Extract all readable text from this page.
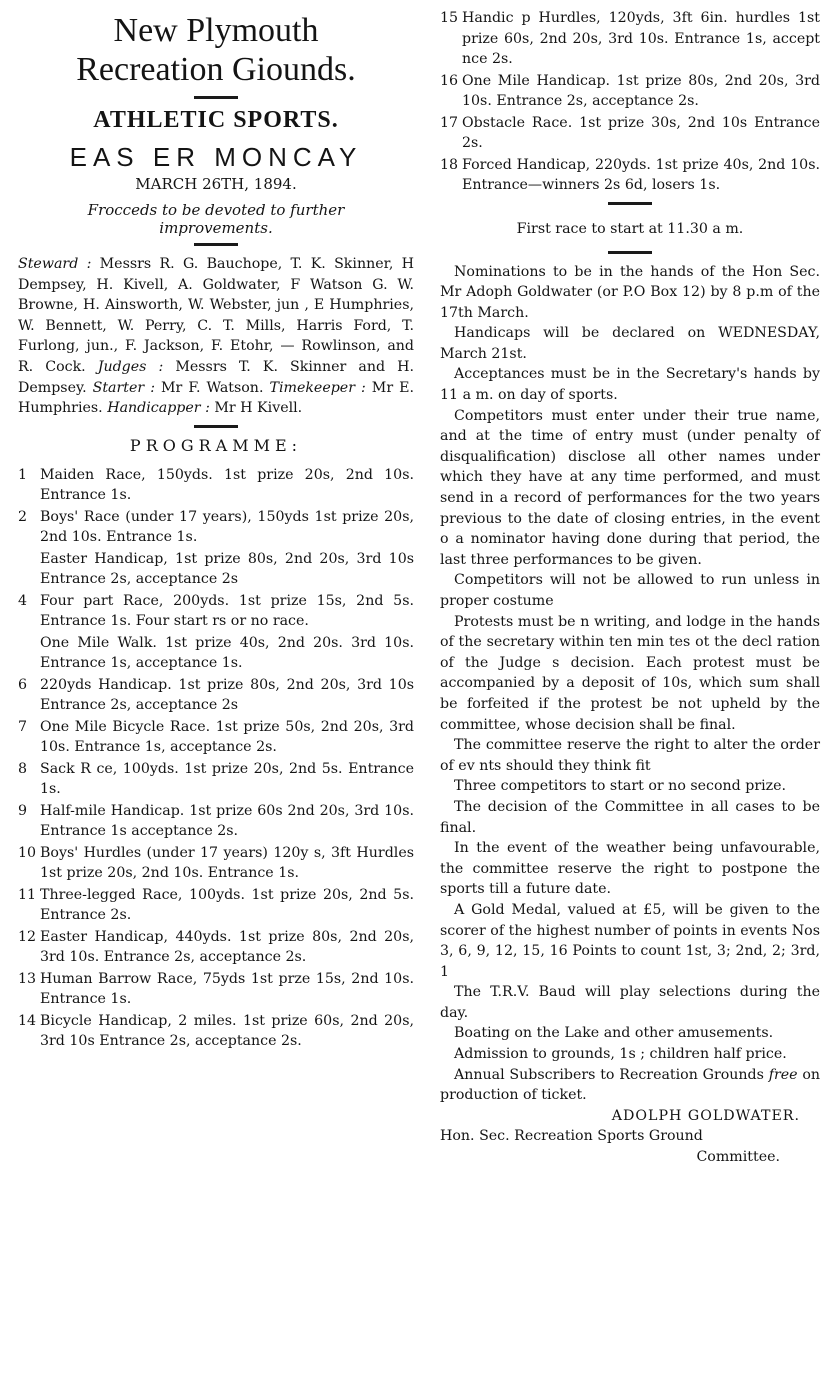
New Plymouth
Recreation Giounds.
ATHLETIC SPORTS.
EAS ER MONCAY
MARCH 26TH, 1894.
Frocceds to be devoted to further improvements.
Steward : Messrs R. G. Bauchope, T. K. Skinner, H Dempsey, H. Kivell, A. Goldwater, F Watson G. W. Browne, H. Ainsworth, W. Webster, jun , E Humphries, W. Bennett, W. Perry, C. T. Mills, Harris Ford, T. Furlong, jun., F. Jackson, F. Etohr, — Rowlinson, and R. Cock. Judges : Messrs T. K. Skinner and H. Dempsey. Starter : Mr F. Watson. Timekeeper : Mr E. Humphries. Handicapper : Mr H Kivell.
PROGRAMME:
1 Maiden Race, 150yds. 1st prize 20s, 2nd 10s. Entrance 1s.
2 Boys' Race (under 17 years), 150yds 1st prize 20s, 2nd 10s. Entrance 1s.
Easter Handicap, 1st prize 80s, 2nd 20s, 3rd 10s Entrance 2s, acceptance 2s
4 Four part Race, 200yds. 1st prize 15s, 2nd 5s. Entrance 1s. Four start rs or no race.
One Mile Walk. 1st prize 40s, 2nd 20s. 3rd 10s. Entrance 1s, acceptance 1s.
6 220yds Handicap. 1st prize 80s, 2nd 20s, 3rd 10s Entrance 2s, acceptance 2s
7 One Mile Bicycle Race. 1st prize 50s, 2nd 20s, 3rd 10s. Entrance 1s, acceptance 2s.
8 Sack R ce, 100yds. 1st prize 20s, 2nd 5s. Entrance 1s.
9 Half-mile Handicap. 1st prize 60s 2nd 20s, 3rd 10s. Entrance 1s acceptance 2s.
10 Boys' Hurdles (under 17 years) 120y s, 3ft Hurdles 1st prize 20s, 2nd 10s. Entrance 1s.
11 Three-legged Race, 100yds. 1st prize 20s, 2nd 5s. Entrance 2s.
12 Easter Handicap, 440yds. 1st prize 80s, 2nd 20s, 3rd 10s. Entrance 2s, acceptance 2s.
13 Human Barrow Race, 75yds 1st prze 15s, 2nd 10s. Entrance 1s.
14 Bicycle Handicap, 2 miles. 1st prize 60s, 2nd 20s, 3rd 10s Entrance 2s, acceptance 2s.
15 Handic p Hurdles, 120yds, 3ft 6in. hurdles 1st prize 60s, 2nd 20s, 3rd 10s. Entrance 1s, accept nce 2s.
16 One Mile Handicap. 1st prize 80s, 2nd 20s, 3rd 10s. Entrance 2s, acceptance 2s.
17 Obstacle Race. 1st prize 30s, 2nd 10s Entrance 2s.
18 Forced Handicap, 220yds. 1st prize 40s, 2nd 10s. Entrance—winners 2s 6d, losers 1s.
First race to start at 11.30 a m.
Nominations to be in the hands of the Hon Sec. Mr Adoph Goldwater (or P.O Box 12) by 8 p.m of the 17th March.
Handicaps will be declared on WEDNESDAY, March 21st.
Acceptances must be in the Secretary's hands by 11 a m. on day of sports.
Competitors must enter under their true name, and at the time of entry must (under penalty of disqualification) disclose all other names under which they have at any time performed, and must send in a record of performances for the two years previous to the date of closing entries, in the event o a nominator having done during that period, the last three performances to be given.
Competitors will not be allowed to run unless in proper costume
Protests must be n writing, and lodge in the hands of the secretary within ten min tes ot the decl ration of the Judge s decision. Each protest must be accompanied by a deposit of 10s, which sum shall be forfeited if the protest be not upheld by the committee, whose decision shall be final.
The committee reserve the right to alter the order of ev nts should they think fit
Three competitors to start or no second prize.
The decision of the Committee in all cases to be final.
In the event of the weather being unfavourable, the committee reserve the right to postpone the sports till a future date.
A Gold Medal, valued at £5, will be given to the scorer of the highest number of points in events Nos 3, 6, 9, 12, 15, 16 Points to count 1st, 3; 2nd, 2; 3rd, 1
The T.R.V. Baud will play selections during the day.
Boating on the Lake and other amusements.
Admission to grounds, 1s ; children half price.
Annual Subscribers to Recreation Grounds free on production of ticket.
ADOLPH GOLDWATER.
Hon. Sec. Recreation Sports Ground
Committee.
